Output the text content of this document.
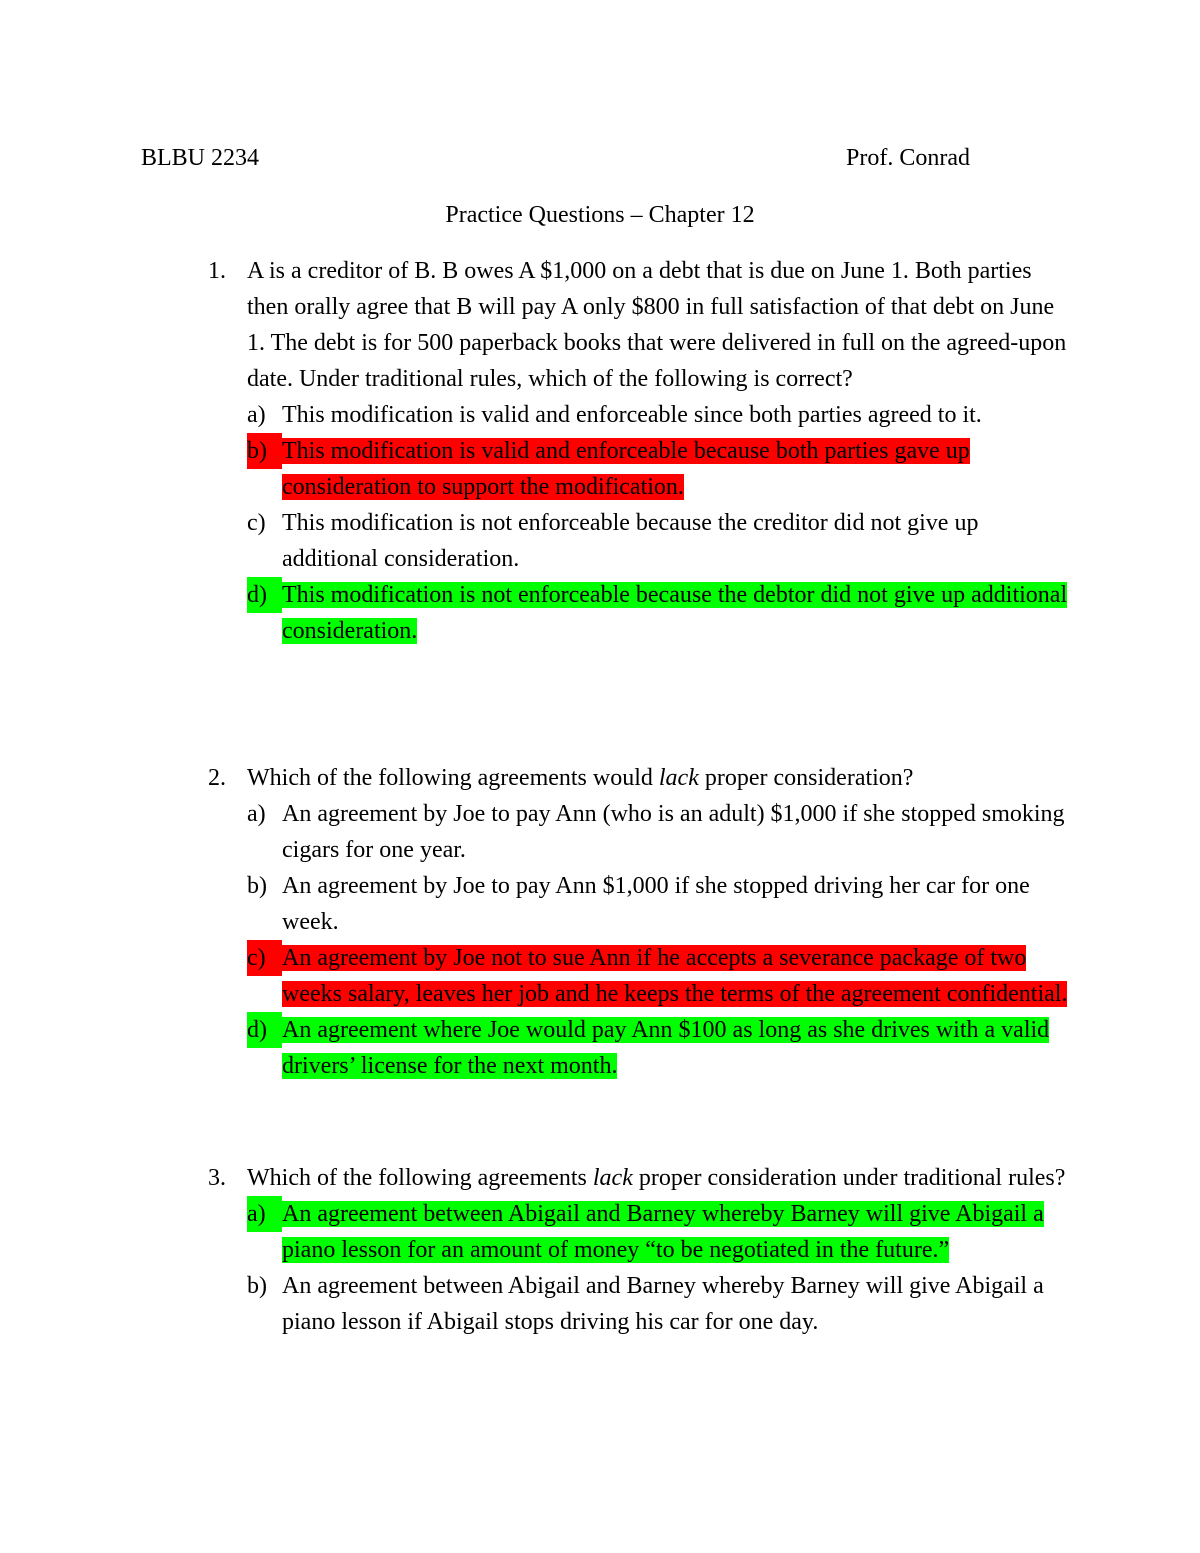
BLBU 2234	Prof. Conrad
Practice Questions – Chapter 12
1. A is a creditor of B. B owes A $1,000 on a debt that is due on June 1. Both parties then orally agree that B will pay A only $800 in full satisfaction of that debt on June 1. The debt is for 500 paperback books that were delivered in full on the agreed-upon date. Under traditional rules, which of the following is correct?
a) This modification is valid and enforceable since both parties agreed to it.
b) This modification is valid and enforceable because both parties gave up consideration to support the modification.
c) This modification is not enforceable because the creditor did not give up additional consideration.
d) This modification is not enforceable because the debtor did not give up additional consideration.
2. Which of the following agreements would lack proper consideration?
a) An agreement by Joe to pay Ann (who is an adult) $1,000 if she stopped smoking cigars for one year.
b) An agreement by Joe to pay Ann $1,000 if she stopped driving her car for one week.
c) An agreement by Joe not to sue Ann if he accepts a severance package of two weeks salary, leaves her job and he keeps the terms of the agreement confidential.
d) An agreement where Joe would pay Ann $100 as long as she drives with a valid drivers’ license for the next month.
3. Which of the following agreements lack proper consideration under traditional rules?
a) An agreement between Abigail and Barney whereby Barney will give Abigail a piano lesson for an amount of money “to be negotiated in the future.”
b) An agreement between Abigail and Barney whereby Barney will give Abigail a piano lesson if Abigail stops driving his car for one day.
